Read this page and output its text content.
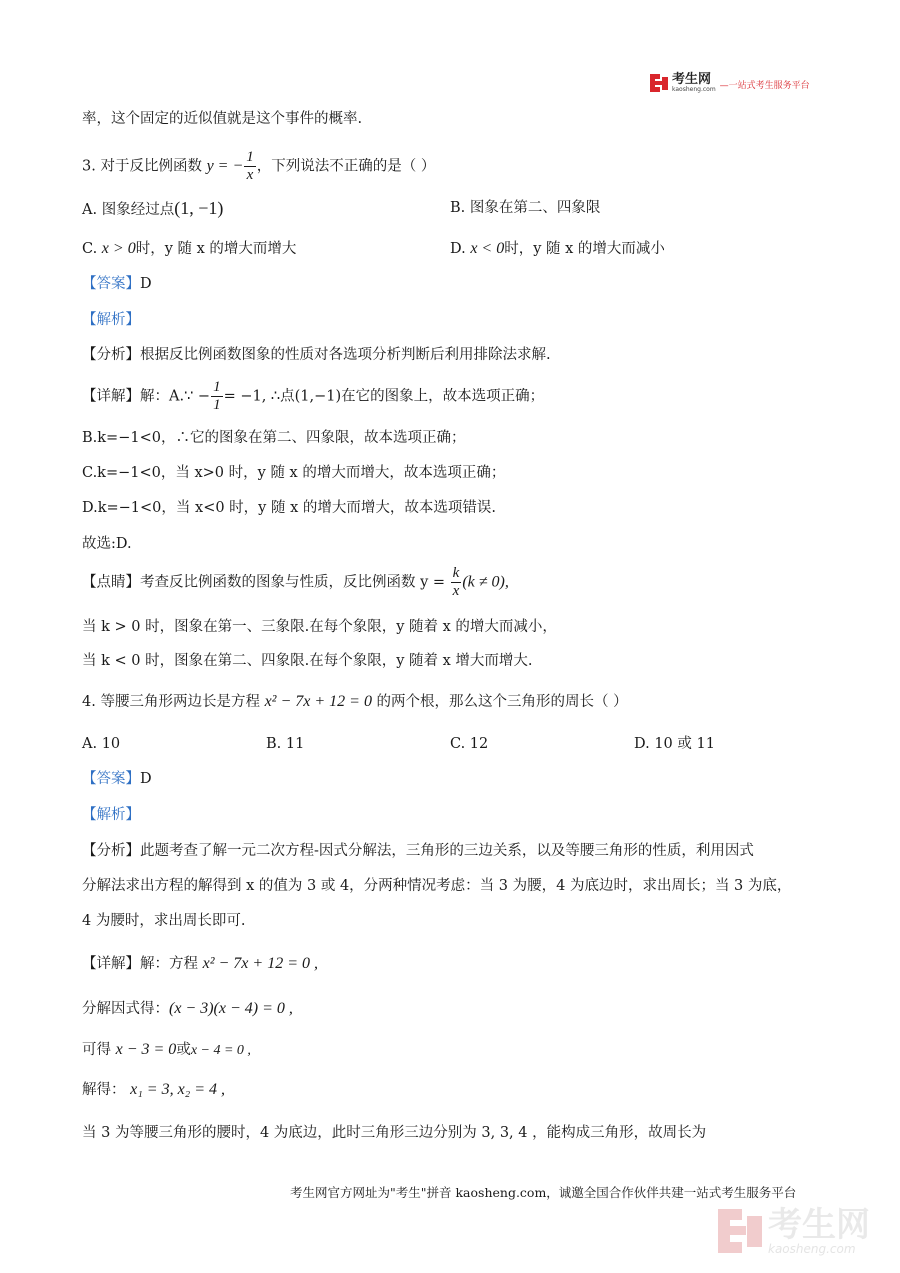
考生网
kaosheng.com —一站式考生服务平台
率，这个固定的近似值就是这个事件的概率.
3. 对于反比例函数 y = − $\frac{1}{x}$ ，下列说法不正确的是（ ）
A. 图象经过点(1, −1)	B. 图象在第二、四象限
C. x > 0时，y 随 x 的增大而增大	D. x < 0时，y 随 x 的增大而减小
【答案】D
【解析】
【分析】根据反比例函数图象的性质对各选项分析判断后利用排除法求解.
【详解】解：A.∵ − $\frac{1}{1} = -1$, ∴点(1,−1)在它的图象上，故本选项正确；
B.k=−1<0，∴它的图象在第二、四象限，故本选项正确；
C.k=−1<0，当 x>0 时，y 随 x 的增大而增大，故本选项正确；
D.k=−1<0，当 x<0 时，y 随 x 的增大而增大，故本选项错误.
故选:D.
【点睛】考查反比例函数的图象与性质，反比例函数 $y = \frac{k}{x} (k \ne 0)$,
当 k > 0 时，图象在第一、三象限.在每个象限，y 随着 x 的增大而减小，
当 k < 0 时，图象在第二、四象限.在每个象限，y 随着 x 增大而增大.
4. 等腰三角形两边长是方程 x² − 7x + 12 = 0 的两个根，那么这个三角形的周长（ ）
A. 10	B. 11	C. 12	D. 10 或 11
【答案】D
【解析】
【分析】此题考查了解一元二次方程-因式分解法，三角形的三边关系，以及等腰三角形的性质，利用因式
分解法求出方程的解得到 x 的值为 3 或 4，分两种情况考虑：当 3 为腰，4 为底边时，求出周长；当 3 为底，
4 为腰时，求出周长即可.
【详解】解：方程 x² − 7x + 12 = 0 ,
分解因式得：(x − 3)(x − 4) = 0 ,
可得 x − 3 = 0或x − 4 = 0 ,
解得： x₁ = 3, x₂ = 4 ,
当 3 为等腰三角形的腰时，4 为底边，此时三角形三边分别为 3, 3, 4 ，能构成三角形，故周长为
考生网官方网址为"考生"拼音 kaosheng.com，诚邀全国合作伙伴共建一站式考生服务平台
考生网
kaosheng.com
